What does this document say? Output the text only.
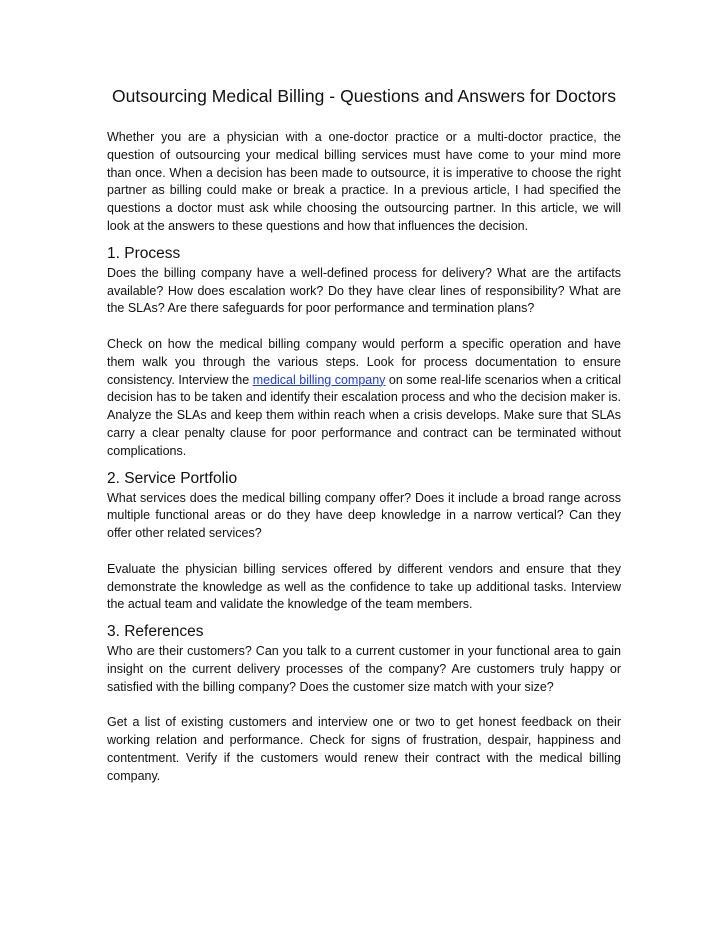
Outsourcing Medical Billing - Questions and Answers for Doctors

Whether you are a physician with a one-doctor practice or a multi-doctor practice, the question of outsourcing your medical billing services must have come to your mind more than once. When a decision has been made to outsource, it is imperative to choose the right partner as billing could make or break a practice. In a previous article, I had specified the questions a doctor must ask while choosing the outsourcing partner. In this article, we will look at the answers to these questions and how that influences the decision.

1. Process

Does the billing company have a well-defined process for delivery? What are the artifacts available? How does escalation work? Do they have clear lines of responsibility? What are the SLAs? Are there safeguards for poor performance and termination plans?

Check on how the medical billing company would perform a specific operation and have them walk you through the various steps. Look for process documentation to ensure consistency. Interview the medical billing company on some real-life scenarios when a critical decision has to be taken and identify their escalation process and who the decision maker is. Analyze the SLAs and keep them within reach when a crisis develops. Make sure that SLAs carry a clear penalty clause for poor performance and contract can be terminated without complications.

2. Service Portfolio

What services does the medical billing company offer? Does it include a broad range across multiple functional areas or do they have deep knowledge in a narrow vertical? Can they offer other related services?

Evaluate the physician billing services offered by different vendors and ensure that they demonstrate the knowledge as well as the confidence to take up additional tasks. Interview the actual team and validate the knowledge of the team members.

3. References

Who are their customers? Can you talk to a current customer in your functional area to gain insight on the current delivery processes of the company? Are customers truly happy or satisfied with the billing company? Does the customer size match with your size?

Get a list of existing customers and interview one or two to get honest feedback on their working relation and performance. Check for signs of frustration, despair, happiness and contentment. Verify if the customers would renew their contract with the medical billing company.
